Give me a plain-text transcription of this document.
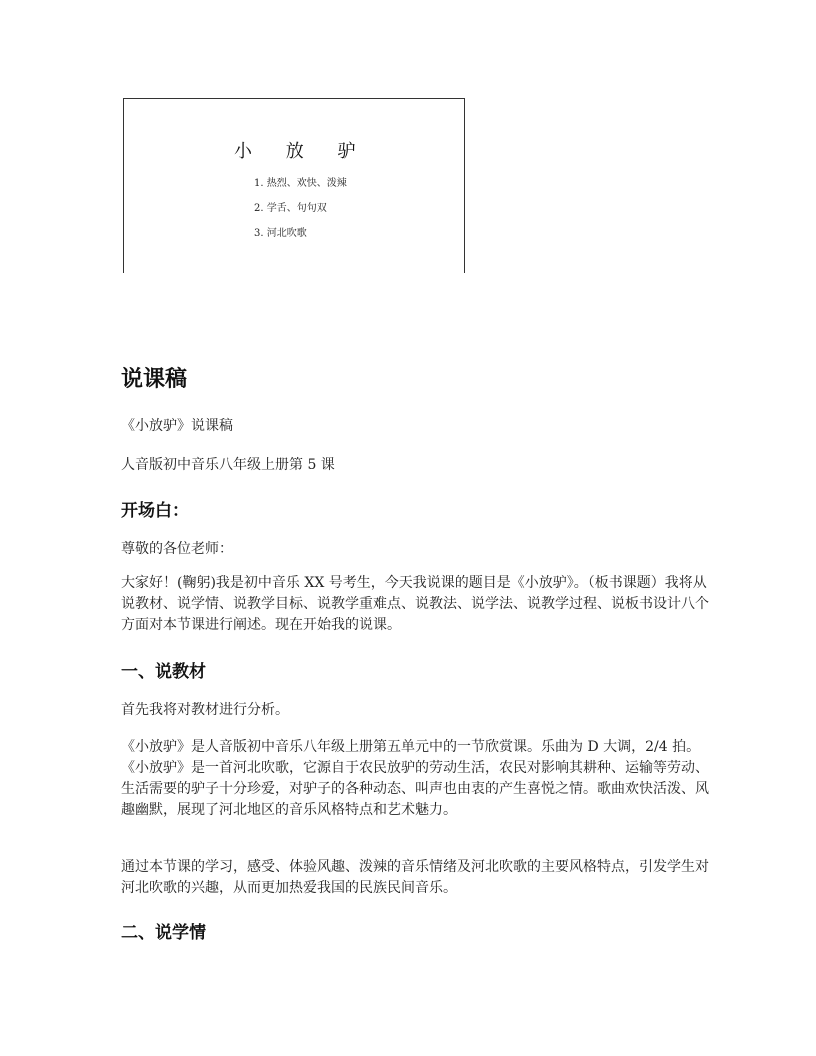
小 放 驴
1. 热烈、欢快、泼辣
2. 学舌、句句双
3. 河北吹歌
说课稿
《小放驴》说课稿
人音版初中音乐八年级上册第 5 课
开场白：
尊敬的各位老师：
大家好！(鞠躬)我是初中音乐 XX 号考生，今天我说课的题目是《小放驴》。（板书课题）我将从说教材、说学情、说教学目标、说教学重难点、说教法、说学法、说教学过程、说板书设计八个方面对本节课进行阐述。现在开始我的说课。
一、说教材
首先我将对教材进行分析。
《小放驴》是人音版初中音乐八年级上册第五单元中的一节欣赏课。乐曲为 D 大调，2/4 拍。《小放驴》是一首河北吹歌，它源自于农民放驴的劳动生活，农民对影响其耕种、运输等劳动、生活需要的驴子十分珍爱，对驴子的各种动态、叫声也由衷的产生喜悦之情。歌曲欢快活泼、风趣幽默，展现了河北地区的音乐风格特点和艺术魅力。
通过本节课的学习，感受、体验风趣、泼辣的音乐情绪及河北吹歌的主要风格特点，引发学生对河北吹歌的兴趣，从而更加热爱我国的民族民间音乐。
二、说学情
